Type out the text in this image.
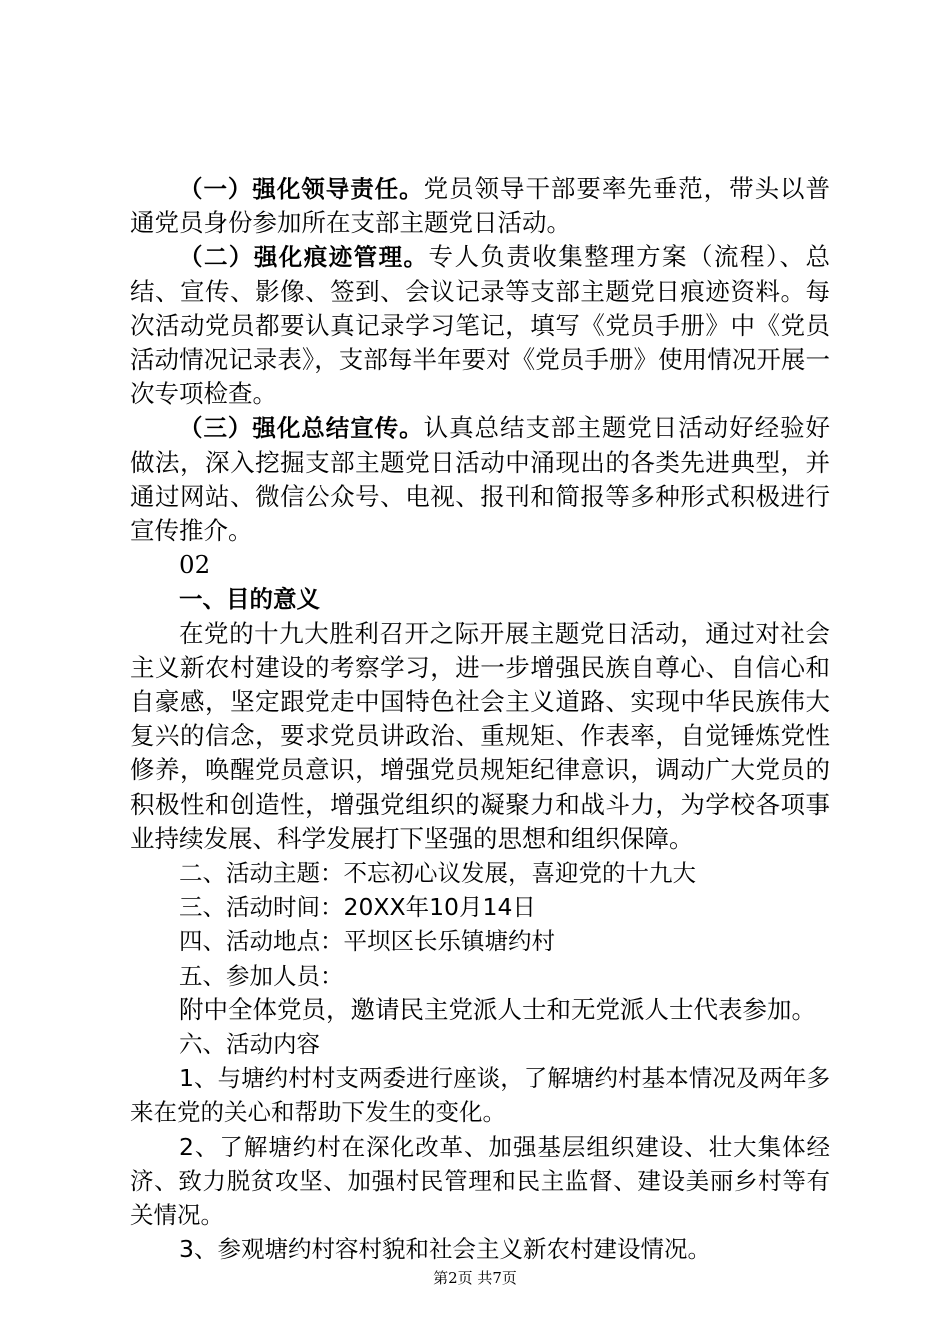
（一）强化领导责任。党员领导干部要率先垂范，带头以普通党员身份参加所在支部主题党日活动。

（二）强化痕迹管理。专人负责收集整理方案（流程）、总结、宣传、影像、签到、会议记录等支部主题党日痕迹资料。每次活动党员都要认真记录学习笔记，填写《党员手册》中《党员活动情况记录表》，支部每半年要对《党员手册》使用情况开展一次专项检查。

（三）强化总结宣传。认真总结支部主题党日活动好经验好做法，深入挖掘支部主题党日活动中涌现出的各类先进典型，并通过网站、微信公众号、电视、报刊和简报等多种形式积极进行宣传推介。

02

一、目的意义

在党的十九大胜利召开之际开展主题党日活动，通过对社会主义新农村建设的考察学习，进一步增强民族自尊心、自信心和自豪感，坚定跟党走中国特色社会主义道路、实现中华民族伟大复兴的信念，要求党员讲政治、重规矩、作表率，自觉锤炼党性修养，唤醒党员意识，增强党员规矩纪律意识，调动广大党员的积极性和创造性，增强党组织的凝聚力和战斗力，为学校各项事业持续发展、科学发展打下坚强的思想和组织保障。

二、活动主题：不忘初心议发展，喜迎党的十九大

三、活动时间：20XX年10月14日

四、活动地点：平坝区长乐镇塘约村

五、参加人员：

附中全体党员，邀请民主党派人士和无党派人士代表参加。

六、活动内容

1、与塘约村村支两委进行座谈，了解塘约村基本情况及两年多来在党的关心和帮助下发生的变化。

2、了解塘约村在深化改革、加强基层组织建设、壮大集体经济、致力脱贫攻坚、加强村民管理和民主监督、建设美丽乡村等有关情况。

3、参观塘约村容村貌和社会主义新农村建设情况。

第2页 共7页
